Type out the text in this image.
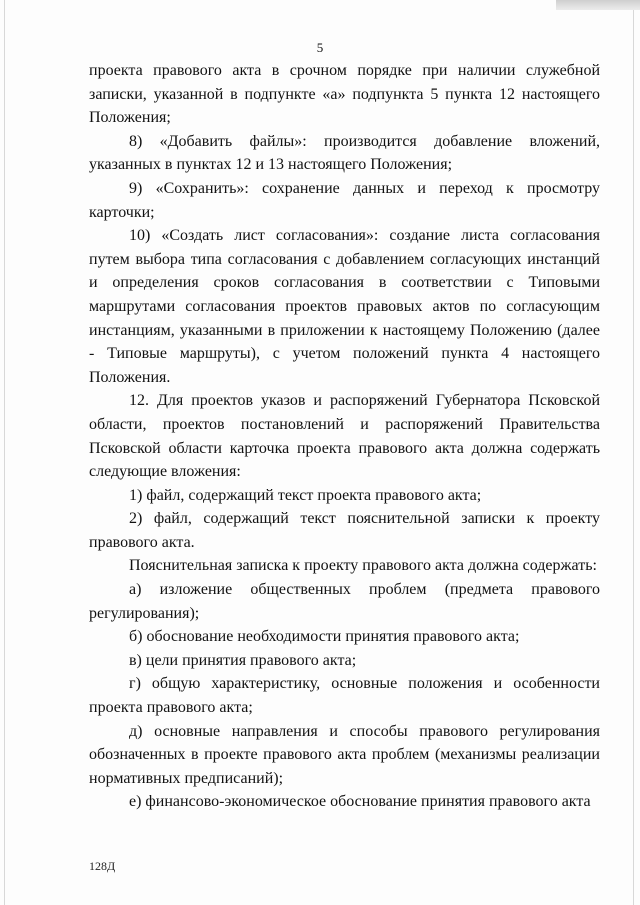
5

проекта правового акта в срочном порядке при наличии служебной записки, указанной в подпункте «а» подпункта 5 пункта 12 настоящего Положения;

8) «Добавить файлы»: производится добавление вложений, указанных в пунктах 12 и 13 настоящего Положения;

9) «Сохранить»: сохранение данных и переход к просмотру карточки;

10) «Создать лист согласования»: создание листа согласования путем выбора типа согласования с добавлением согласующих инстанций и определения сроков согласования в соответствии с Типовыми маршрутами согласования проектов правовых актов по согласующим инстанциям, указанными в приложении к настоящему Положению (далее - Типовые маршруты), с учетом положений пункта 4 настоящего Положения.

12. Для проектов указов и распоряжений Губернатора Псковской области, проектов постановлений и распоряжений Правительства Псковской области карточка проекта правового акта должна содержать следующие вложения:

1) файл, содержащий текст проекта правового акта;

2) файл, содержащий текст пояснительной записки к проекту правового акта.

Пояснительная записка к проекту правового акта должна содержать:

а) изложение общественных проблем (предмета правового регулирования);

б) обоснование необходимости принятия правового акта;

в) цели принятия правового акта;

г) общую характеристику, основные положения и особенности проекта правового акта;

д) основные направления и способы правового регулирования обозначенных в проекте правового акта проблем (механизмы реализации нормативных предписаний);

е) финансово-экономическое обоснование принятия правового акта

128Д
